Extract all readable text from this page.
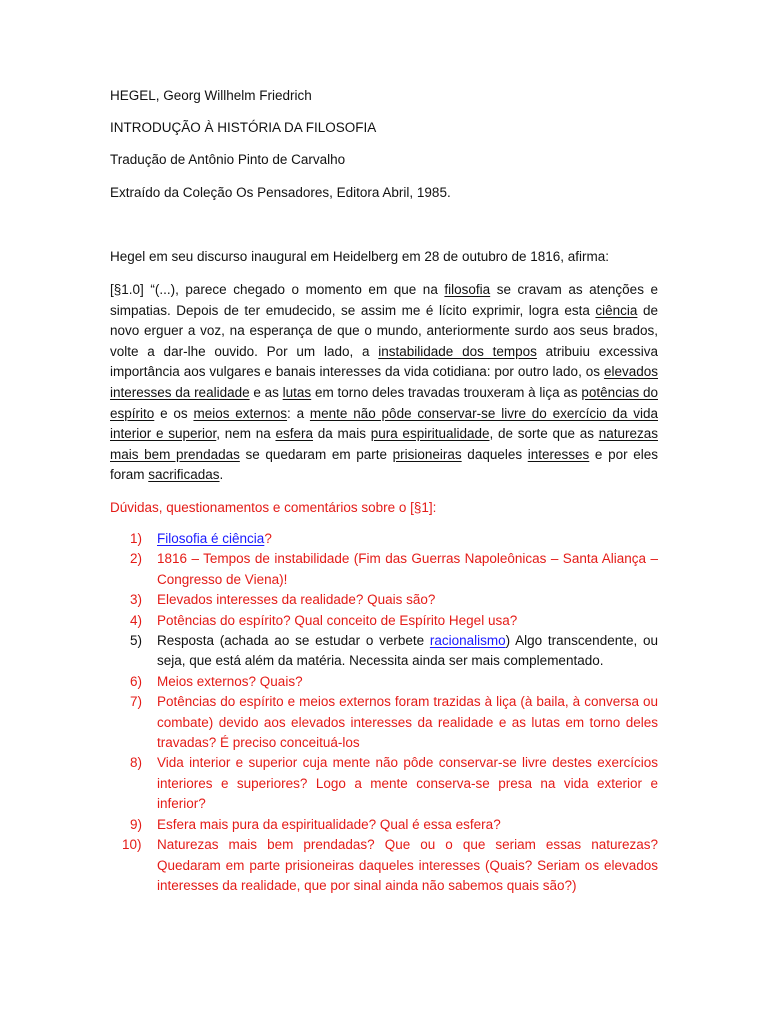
HEGEL, Georg Willhelm Friedrich
INTRODUÇÃO À HISTÓRIA DA FILOSOFIA
Tradução de Antônio Pinto de Carvalho
Extraído da Coleção Os Pensadores, Editora Abril, 1985.
Hegel em seu discurso inaugural em Heidelberg em 28 de outubro de 1816, afirma:
[§1.0] “(...), parece chegado o momento em que na filosofia se cravam as atenções e simpatias. Depois de ter emudecido, se assim me é lícito exprimir, logra esta ciência de novo erguer a voz, na esperança de que o mundo, anteriormente surdo aos seus brados, volte a dar-lhe ouvido. Por um lado, a instabilidade dos tempos atribuiu excessiva importância aos vulgares e banais interesses da vida cotidiana: por outro lado, os elevados interesses da realidade e as lutas em torno deles travadas trouxeram à liça as potências do espírito e os meios externos: a mente não pôde conservar-se livre do exercício da vida interior e superior, nem na esfera da mais pura espiritualidade, de sorte que as naturezas mais bem prendadas se quedaram em parte prisioneiras daqueles interesses e por eles foram sacrificadas.
Dúvidas, questionamentos e comentários sobre o [§1]:
1) Filosofia é ciência?
2) 1816 – Tempos de instabilidade (Fim das Guerras Napoleônicas – Santa Aliança – Congresso de Viena)!
3) Elevados interesses da realidade? Quais são?
4) Potências do espírito? Qual conceito de Espírito Hegel usa?
5) Resposta (achada ao se estudar o verbete racionalismo) Algo transcendente, ou seja, que está além da matéria. Necessita ainda ser mais complementado.
6) Meios externos? Quais?
7) Potências do espírito e meios externos foram trazidas à liça (à baila, à conversa ou combate) devido aos elevados interesses da realidade e as lutas em torno deles travadas? É preciso conceituá-los
8) Vida interior e superior cuja mente não pôde conservar-se livre destes exercícios interiores e superiores? Logo a mente conserva-se presa na vida exterior e inferior?
9) Esfera mais pura da espiritualidade? Qual é essa esfera?
10) Naturezas mais bem prendadas? Que ou o que seriam essas naturezas? Quedaram em parte prisioneiras daqueles interesses (Quais? Seriam os elevados interesses da realidade, que por sinal ainda não sabemos quais são?)
